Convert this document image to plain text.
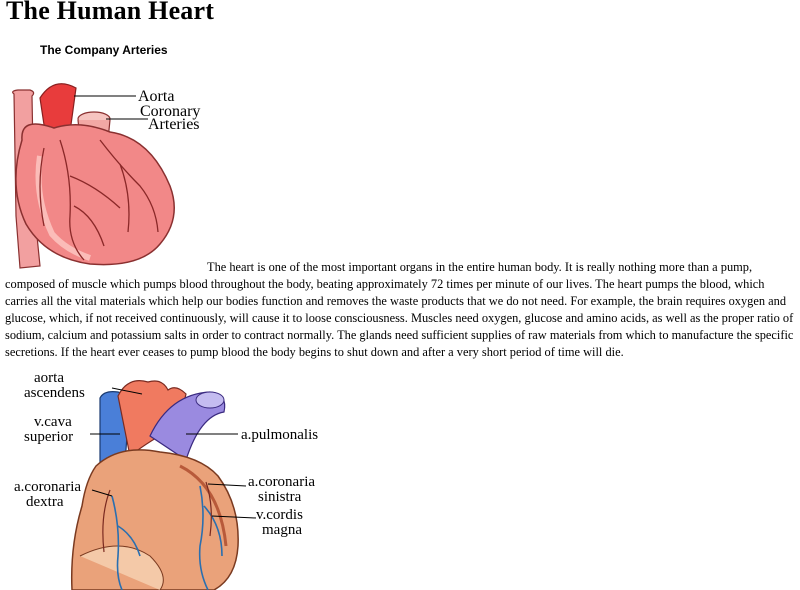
The Human Heart
The Company Arteries
Aorta
Coronary
Arteries

The heart is one of the most important organs in the entire human body. It is really nothing more than a pump, composed of muscle which pumps blood throughout the body, beating approximately 72 times per minute of our lives. The heart pumps the blood, which carries all the vital materials which help our bodies function and removes the waste products that we do not need. For example, the brain requires oxygen and glucose, which, if not received continuously, will cause it to loose consciousness. Muscles need oxygen, glucose and amino acids, as well as the proper ratio of sodium, calcium and potassium salts in order to contract normally. The glands need sufficient supplies of raw materials from which to manufacture the specific secretions. If the heart ever ceases to pump blood the body begins to shut down and after a very short period of time will die.

aorta
ascendens
v.cava
superior	a.pulmonalis
a.coronaria
dextra
a.coronaria
sinistra
v.cordis
magna
